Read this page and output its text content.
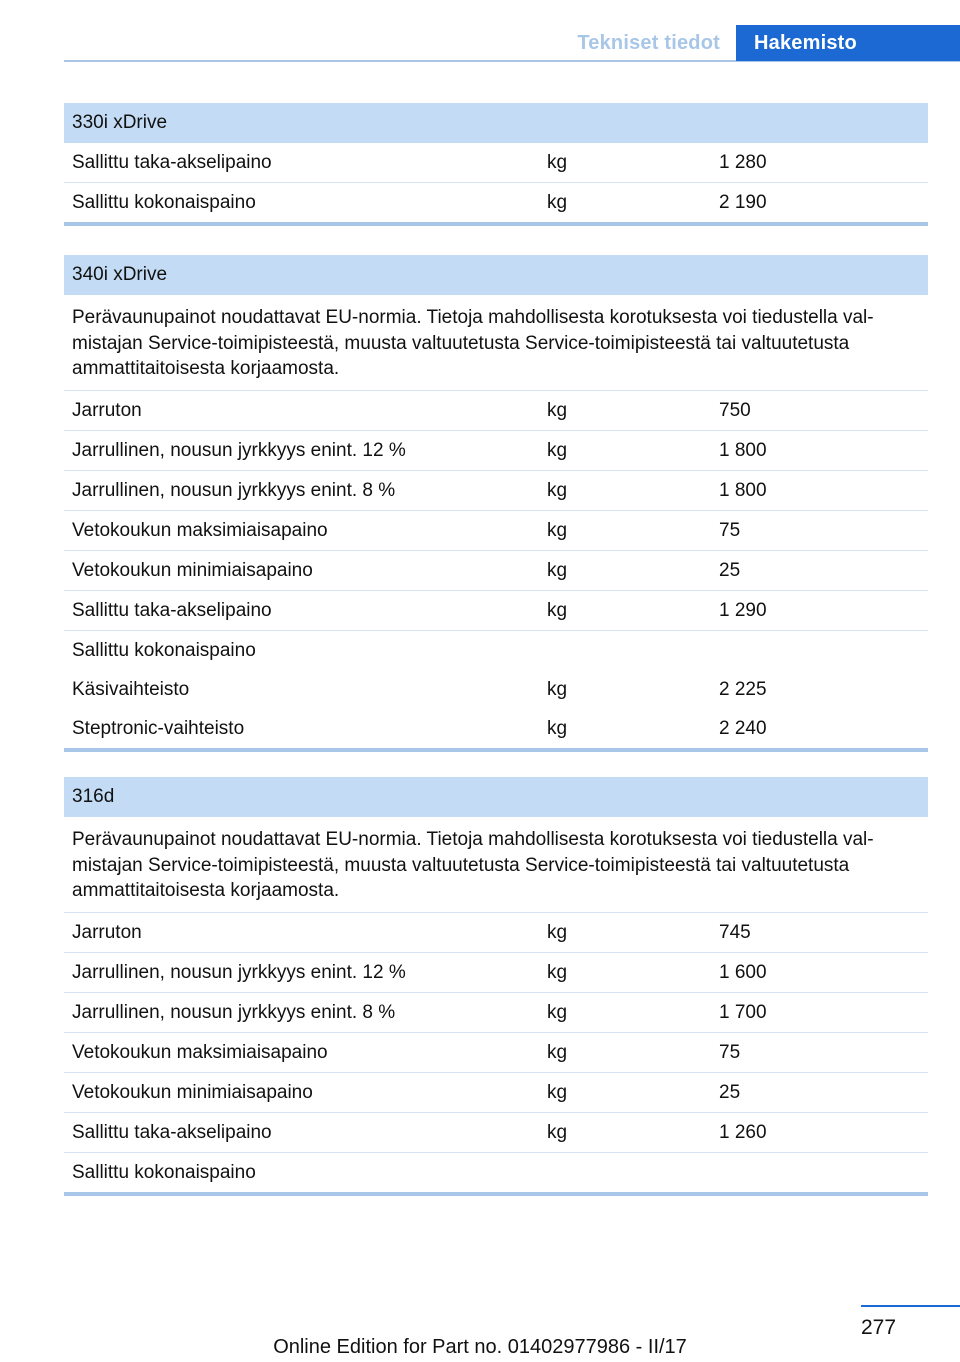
Tekniset tiedot	Hakemisto
330i xDrive
Sallittu taka-akselipaino	kg	1 280
Sallittu kokonaispaino	kg	2 190
340i xDrive
Perävaunupainot noudattavat EU-normia. Tietoja mahdollisesta korotuksesta voi tiedustella val‐
mistajan Service-toimipisteestä, muusta valtuutetusta Service-toimipisteestä tai valtuutetusta
ammattitaitoisesta korjaamosta.
Jarruton	kg	750
Jarrullinen, nousun jyrkkyys enint. 12 %	kg	1 800
Jarrullinen, nousun jyrkkyys enint. 8 %	kg	1 800
Vetokoukun maksimiaisapaino	kg	75
Vetokoukun minimiaisapaino	kg	25
Sallittu taka-akselipaino	kg	1 290
Sallittu kokonaispaino
Käsivaihteisto	kg	2 225
Steptronic-vaihteisto	kg	2 240
316d
Perävaunupainot noudattavat EU-normia. Tietoja mahdollisesta korotuksesta voi tiedustella val‐
mistajan Service-toimipisteestä, muusta valtuutetusta Service-toimipisteestä tai valtuutetusta
ammattitaitoisesta korjaamosta.
Jarruton	kg	745
Jarrullinen, nousun jyrkkyys enint. 12 %	kg	1 600
Jarrullinen, nousun jyrkkyys enint. 8 %	kg	1 700
Vetokoukun maksimiaisapaino	kg	75
Vetokoukun minimiaisapaino	kg	25
Sallittu taka-akselipaino	kg	1 260
Sallittu kokonaispaino
277
Online Edition for Part no. 01402977986 - II/17
